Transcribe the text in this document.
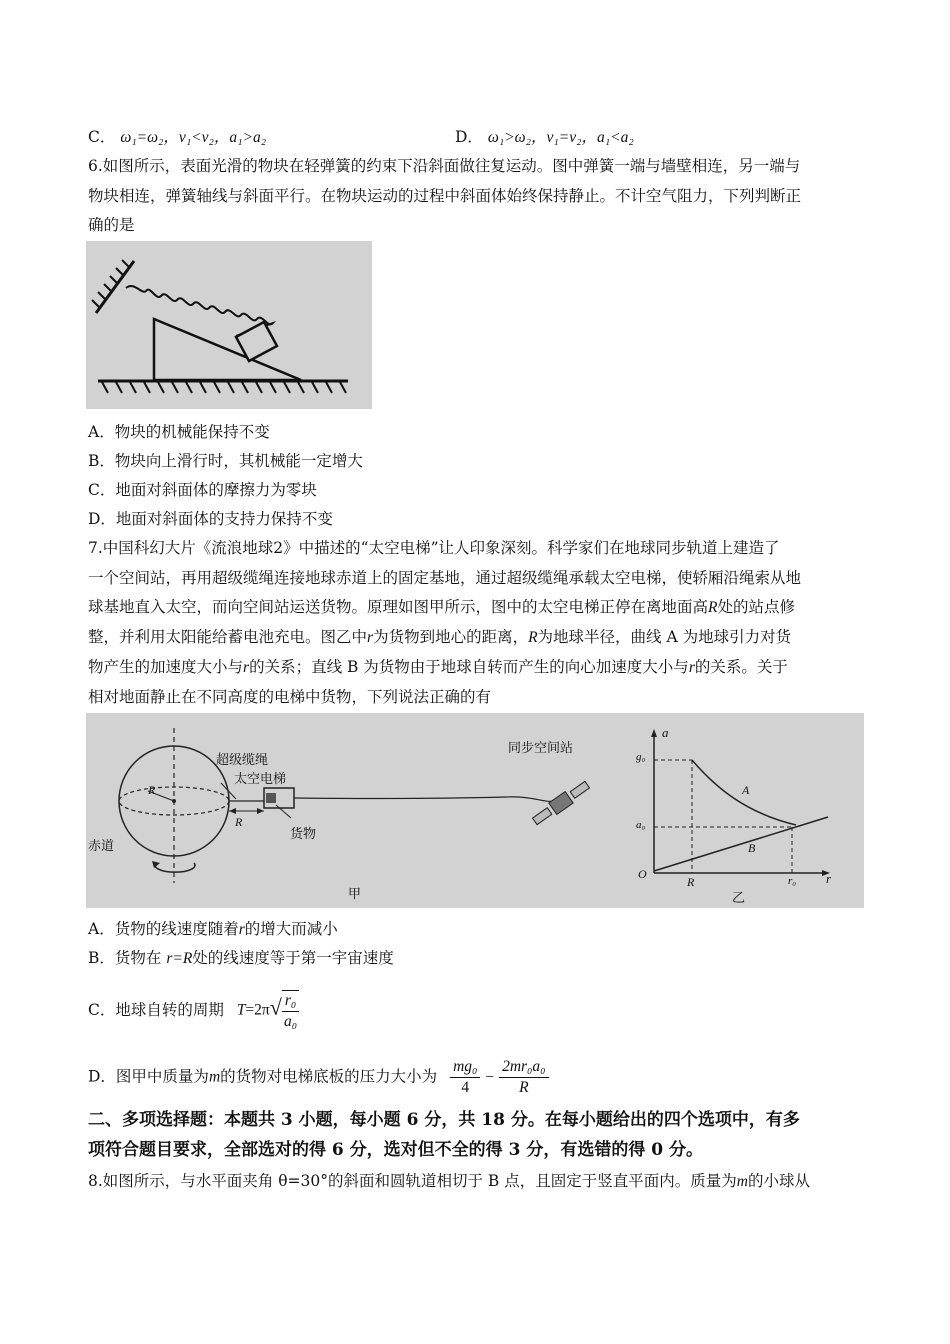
C． ω₁=ω₂，v₁<v₂，a₁>a₂	D． ω₁>ω₂，v₁=v₂，a₁<a₂
6.如图所示，表面光滑的物块在轻弹簧的约束下沿斜面做往复运动。图中弹簧一端与墙壁相连，另一端与
物块相连，弹簧轴线与斜面平行。在物块运动的过程中斜面体始终保持静止。不计空气阻力，下列判断正
确的是
A．物块的机械能保持不变
B．物块向上滑行时，其机械能一定增大
C．地面对斜面体的摩擦力为零块
D．地面对斜面体的支持力保持不变
7.中国科幻大片《流浪地球2》中描述的“太空电梯”让人印象深刻。科学家们在地球同步轨道上建造了
一个空间站，再用超级缆绳连接地球赤道上的固定基地，通过超级缆绳承载太空电梯，使轿厢沿绳索从地
球基地直入太空，而向空间站运送货物。原理如图甲所示，图中的太空电梯正停在离地面高R处的站点修
整，并利用太阳能给蓄电池充电。图乙中r为货物到地心的距离，R为地球半径，曲线 A 为地球引力对货
物产生的加速度大小与r的关系；直线 B 为货物由于地球自转而产生的向心加速度大小与r的关系。关于
相对地面静止在不同高度的电梯中货物，下列说法正确的有
超级缆绳
太空电梯
同步空间站
货物
赤道
R
R
甲	乙
a
r
O
g₀
a₀
R	r₀
A
B
A．货物的线速度随着r的增大而减小
B．货物在 r=R处的线速度等于第一宇宙速度
C．地球自转的周期 $T=2\pi√ \frac{\text{r₀}}{\text{a₀}}$
D．图甲中质量为m的货物对电梯底板的压力大小为 $\frac{\text{mg₀}}{4} - \frac{\text{2mr₀a₀}}{R}$
二、多项选择题：本题共 3 小题，每小题 6 分，共 18 分。在每小题给出的四个选项中，有多
项符合题目要求，全部选对的得 6 分，选对但不全的得 3 分，有选错的得 0 分。
8.如图所示，与水平面夹角 θ=30°的斜面和圆轨道相切于 B 点，且固定于竖直平面内。质量为m的小球从
